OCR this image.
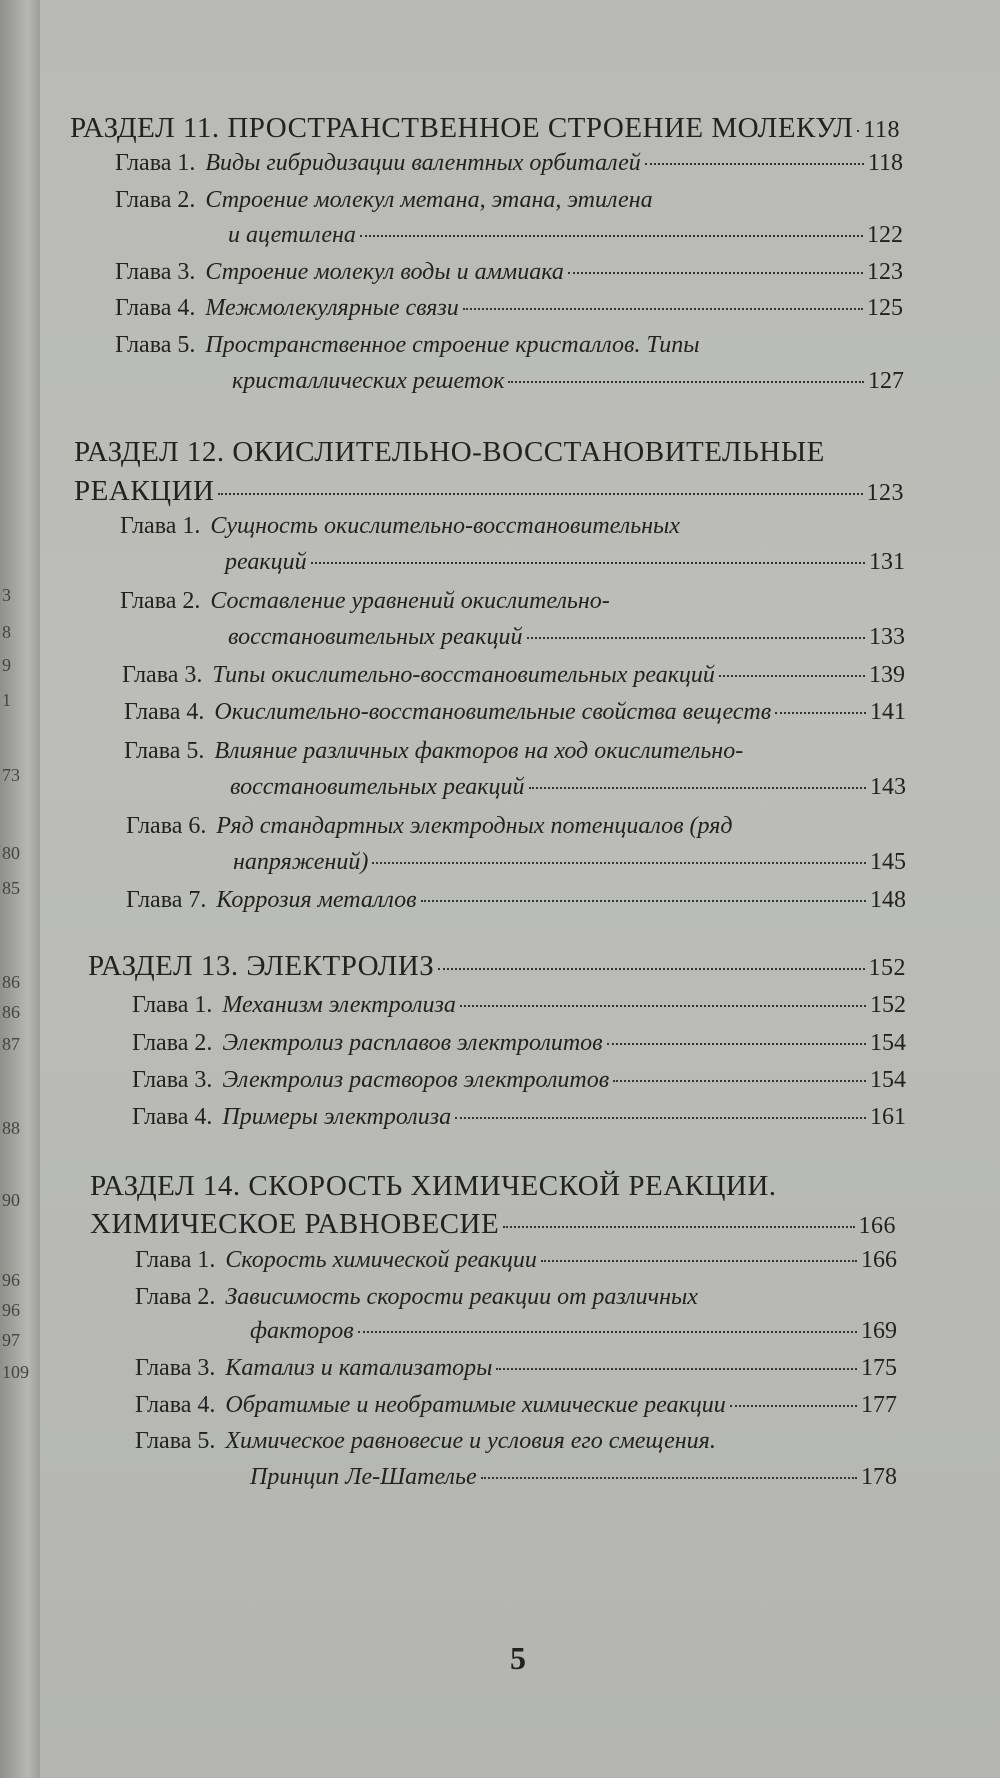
3
8
9
1
73
80
85
86
86
87
88
90
96
96
97
109
РАЗДЕЛ 11. ПРОСТРАНСТВЕННОЕ СТРОЕНИЕ МОЛЕКУЛ 118
Глава 1. Виды гибридизации валентных орбиталей	118
Глава 2. Строение молекул метана, этана, этилена
и ацетилена	122
Глава 3. Строение молекул воды и аммиака	123
Глава 4. Межмолекулярные связи	125
Глава 5. Пространственное строение кристаллов. Типы
кристаллических решеток	127
РАЗДЕЛ 12. ОКИСЛИТЕЛЬНО-ВОССТАНОВИТЕЛЬНЫЕ
РЕАКЦИИ	123
Глава 1. Сущность окислительно-восстановительных
реакций	131
Глава 2. Составление уравнений окислительно-
восстановительных реакций	133
Глава 3. Типы окислительно-восстановительных реакций	139
Глава 4. Окислительно-восстановительные свойства веществ	141
Глава 5. Влияние различных факторов на ход окислительно-
восстановительных реакций	143
Глава 6. Ряд стандартных электродных потенциалов (ряд
напряжений)	145
Глава 7. Коррозия металлов	148
РАЗДЕЛ 13. ЭЛЕКТРОЛИЗ	152
Глава 1. Механизм электролиза	152
Глава 2. Электролиз расплавов электролитов	154
Глава 3. Электролиз растворов электролитов	154
Глава 4. Примеры электролиза	161
РАЗДЕЛ 14. СКОРОСТЬ ХИМИЧЕСКОЙ РЕАКЦИИ.
ХИМИЧЕСКОЕ РАВНОВЕСИЕ	166
Глава 1. Скорость химической реакции	166
Глава 2. Зависимость скорости реакции от различных
факторов	169
Глава 3. Катализ и катализаторы	175
Глава 4. Обратимые и необратимые химические реакции	177
Глава 5. Химическое равновесие и условия его смещения.
Принцип Ле-Шателье	178
5
